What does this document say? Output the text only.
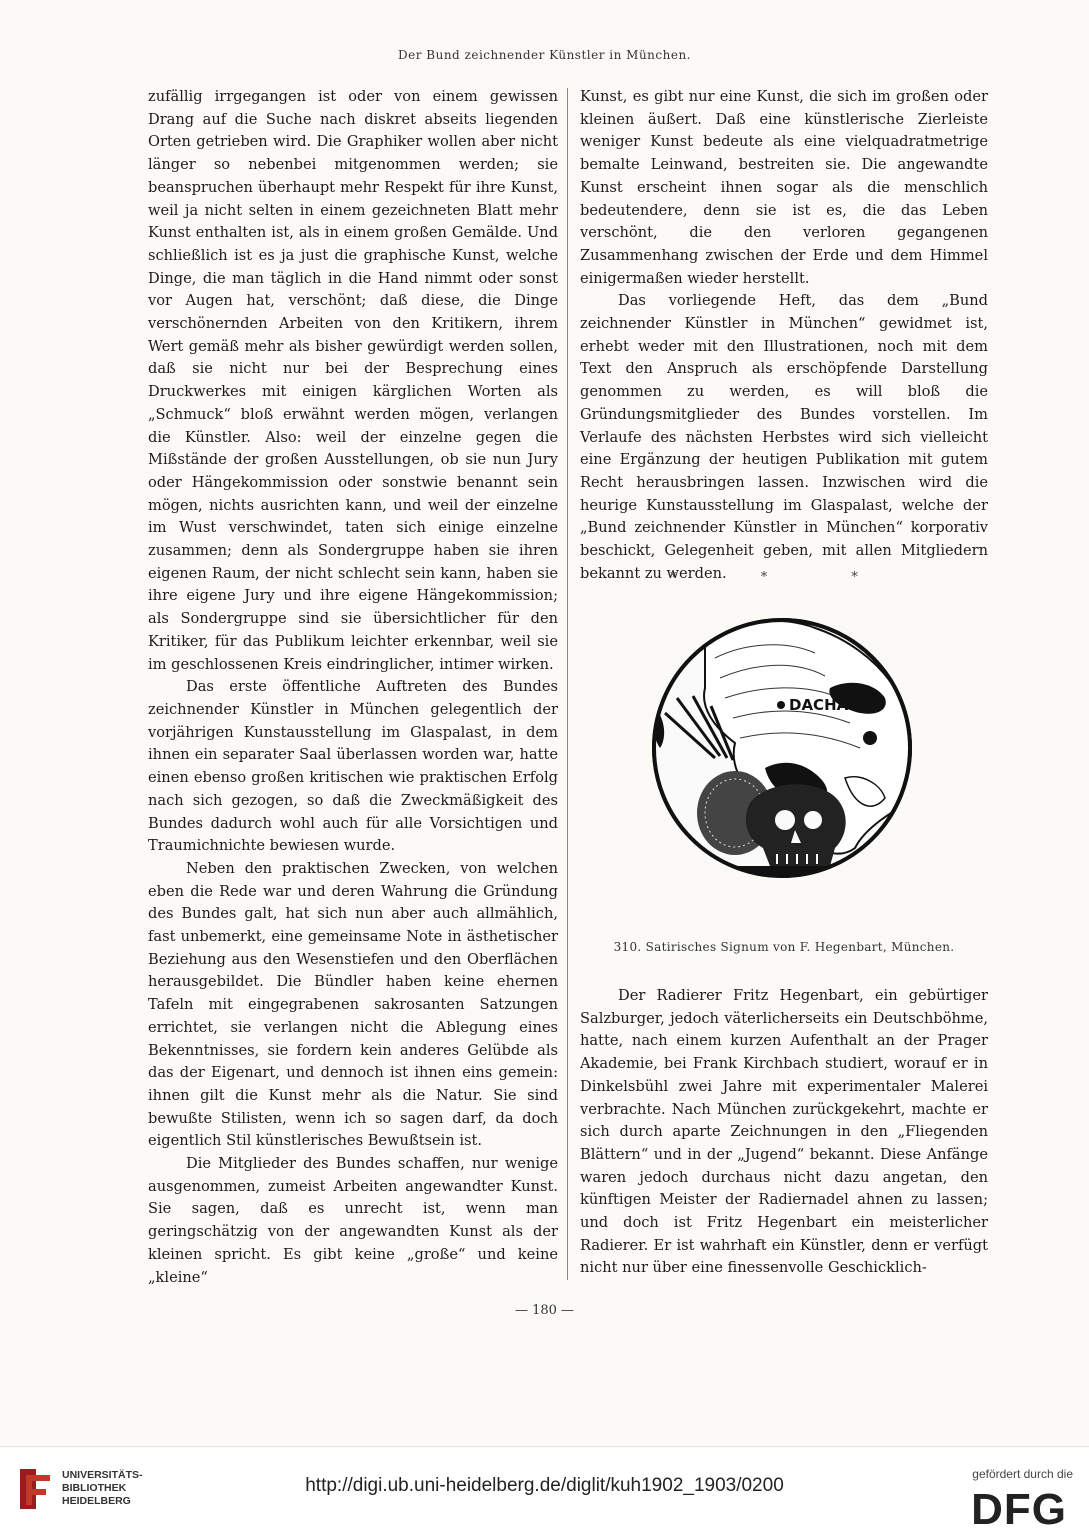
Der Bund zeichnender Künstler in München.

zufällig irrgegangen ist oder von einem gewissen Drang auf die Suche nach diskret abseits liegenden Orten getrieben wird. Die Graphiker wollen aber nicht länger so nebenbei mitgenommen werden; sie beanspruchen überhaupt mehr Respekt für ihre Kunst, weil ja nicht selten in einem gezeichneten Blatt mehr Kunst enthalten ist, als in einem großen Gemälde. Und schließlich ist es ja just die graphische Kunst, welche Dinge, die man täglich in die Hand nimmt oder sonst vor Augen hat, verschönt; daß diese, die Dinge verschönernden Arbeiten von den Kritikern, ihrem Wert gemäß mehr als bisher gewürdigt werden sollen, daß sie nicht nur bei der Besprechung eines Druckwerkes mit einigen kärglichen Worten als „Schmuck“ bloß erwähnt werden mögen, verlangen die Künstler. Also: weil der einzelne gegen die Mißstände der großen Ausstellungen, ob sie nun Jury oder Hängekommission oder sonstwie benannt sein mögen, nichts ausrichten kann, und weil der einzelne im Wust verschwindet, taten sich einige einzelne zusammen; denn als Sondergruppe haben sie ihren eigenen Raum, der nicht schlecht sein kann, haben sie ihre eigene Jury und ihre eigene Hängekommission; als Sondergruppe sind sie übersichtlicher für den Kritiker, für das Publikum leichter erkennbar, weil sie im geschlossenen Kreis eindringlicher, intimer wirken.

Das erste öffentliche Auftreten des Bundes zeichnender Künstler in München gelegentlich der vorjährigen Kunstausstellung im Glaspalast, in dem ihnen ein separater Saal überlassen worden war, hatte einen ebenso großen kritischen wie praktischen Erfolg nach sich gezogen, so daß die Zweckmäßigkeit des Bundes dadurch wohl auch für alle Vorsichtigen und Traumichnichte bewiesen wurde.

Neben den praktischen Zwecken, von welchen eben die Rede war und deren Wahrung die Gründung des Bundes galt, hat sich nun aber auch allmählich, fast unbemerkt, eine gemeinsame Note in ästhetischer Beziehung aus den Wesenstiefen und den Oberflächen herausgebildet. Die Bündler haben keine ehernen Tafeln mit eingegrabenen sakrosanten Satzungen errichtet, sie verlangen nicht die Ablegung eines Bekenntnisses, sie fordern kein anderes Gelübde als das der Eigenart, und dennoch ist ihnen eins gemein: ihnen gilt die Kunst mehr als die Natur. Sie sind bewußte Stilisten, wenn ich so sagen darf, da doch eigentlich Stil künstlerisches Bewußtsein ist.

Die Mitglieder des Bundes schaffen, nur wenige ausgenommen, zumeist Arbeiten angewandter Kunst. Sie sagen, daß es unrecht ist, wenn man geringschätzig von der angewandten Kunst als der kleinen spricht. Es gibt keine „große“ und keine „kleine“

Kunst, es gibt nur eine Kunst, die sich im großen oder kleinen äußert. Daß eine künstlerische Zierleiste weniger Kunst bedeute als eine vielquadratmetrige bemalte Leinwand, bestreiten sie. Die angewandte Kunst erscheint ihnen sogar als die menschlich bedeutendere, denn sie ist es, die das Leben verschönt, die den verloren gegangenen Zusammenhang zwischen der Erde und dem Himmel einigermaßen wieder herstellt.

Das vorliegende Heft, das dem „Bund zeichnender Künstler in München“ gewidmet ist, erhebt weder mit den Illustrationen, noch mit dem Text den Anspruch als erschöpfende Darstellung genommen zu werden, es will bloß die Gründungsmitglieder des Bundes vorstellen. Im Verlaufe des nächsten Herbstes wird sich vielleicht eine Ergänzung der heutigen Publikation mit gutem Recht herausbringen lassen. Inzwischen wird die heurige Kunstausstellung im Glaspalast, welche der „Bund zeichnender Künstler in München“ korporativ beschickt, Gelegenheit geben, mit allen Mitgliedern bekannt zu werden.

* * *
DACHAU
310. Satirisches Signum von F. Hegenbart, München.

Der Radierer Fritz Hegenbart, ein gebürtiger Salzburger, jedoch väterlicherseits ein Deutschböhme, hatte, nach einem kurzen Aufenthalt an der Prager Akademie, bei Frank Kirchbach studiert, worauf er in Dinkelsbühl zwei Jahre mit experimentaler Malerei verbrachte. Nach München zurückgekehrt, machte er sich durch aparte Zeichnungen in den „Fliegenden Blättern“ und in der „Jugend“ bekannt. Diese Anfänge waren jedoch durchaus nicht dazu angetan, den künftigen Meister der Radiernadel ahnen zu lassen; und doch ist Fritz Hegenbart ein meisterlicher Radierer. Er ist wahrhaft ein Künstler, denn er verfügt nicht nur über eine finessenvolle Geschicklich-

— 180 —
UNIVERSITÄTS-
BIBLIOTHEK
HEIDELBERG
http://digi.ub.uni-heidelberg.de/diglit/kuh1902_1903/0200
gefördert durch die
DFG
